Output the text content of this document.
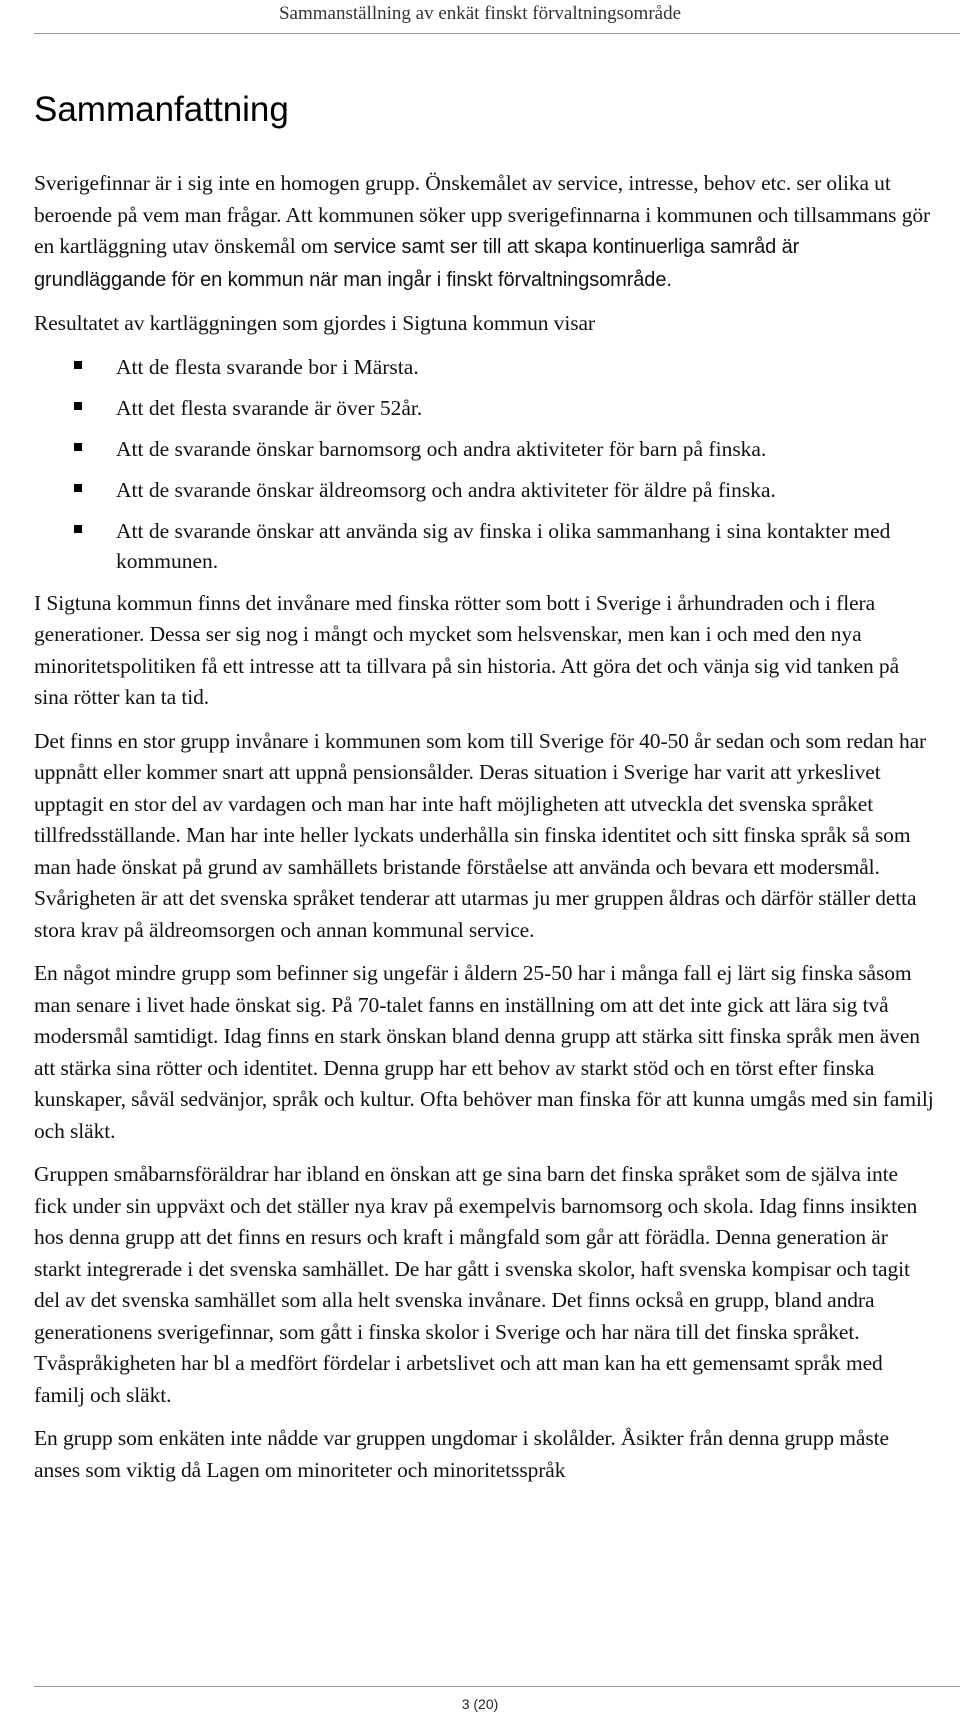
Sammanställning av enkät finskt förvaltningsområde
Sammanfattning

Sverigefinnar är i sig inte en homogen grupp. Önskemålet av service, intresse, behov etc. ser olika ut beroende på vem man frågar. Att kommunen söker upp sverigefinnarna i kommunen och tillsammans gör en kartläggning utav önskemål om service samt ser till att skapa kontinuerliga samråd är grundläggande för en kommun när man ingår i finskt förvaltningsområde.

Resultatet av kartläggningen som gjordes i Sigtuna kommun visar

Att de flesta svarande bor i Märsta.
Att det flesta svarande är över 52år.
Att de svarande önskar barnomsorg och andra aktiviteter för barn på finska.
Att de svarande önskar äldreomsorg och andra aktiviteter för äldre på finska.
Att de svarande önskar att använda sig av finska i olika sammanhang i sina kontakter med kommunen.

I Sigtuna kommun finns det invånare med finska rötter som bott i Sverige i århundraden och i flera generationer. Dessa ser sig nog i mångt och mycket som helsvenskar, men kan i och med den nya minoritetspolitiken få ett intresse att ta tillvara på sin historia. Att göra det och vänja sig vid tanken på sina rötter kan ta tid.

Det finns en stor grupp invånare i kommunen som kom till Sverige för 40-50 år sedan och som redan har uppnått eller kommer snart att uppnå pensionsålder. Deras situation i Sverige har varit att yrkeslivet upptagit en stor del av vardagen och man har inte haft möjligheten att utveckla det svenska språket tillfredsställande. Man har inte heller lyckats underhålla sin finska identitet och sitt finska språk så som man hade önskat på grund av samhällets bristande förståelse att använda och bevara ett modersmål. Svårigheten är att det svenska språket tenderar att utarmas ju mer gruppen åldras och därför ställer detta stora krav på äldreomsorgen och annan kommunal service.

En något mindre grupp som befinner sig ungefär i åldern 25-50 har i många fall ej lärt sig finska såsom man senare i livet hade önskat sig. På 70-talet fanns en inställning om att det inte gick att lära sig två modersmål samtidigt. Idag finns en stark önskan bland denna grupp att stärka sitt finska språk men även att stärka sina rötter och identitet. Denna grupp har ett behov av starkt stöd och en törst efter finska kunskaper, såväl sedvänjor, språk och kultur. Ofta behöver man finska för att kunna umgås med sin familj och släkt.

Gruppen småbarnsföräldrar har ibland en önskan att ge sina barn det finska språket som de själva inte fick under sin uppväxt och det ställer nya krav på exempelvis barnomsorg och skola. Idag finns insikten hos denna grupp att det finns en resurs och kraft i mångfald som går att förädla. Denna generation är starkt integrerade i det svenska samhället. De har gått i svenska skolor, haft svenska kompisar och tagit del av det svenska samhället som alla helt svenska invånare. Det finns också en grupp, bland andra generationens sverigefinnar, som gått i finska skolor i Sverige och har nära till det finska språket. Tvåspråkigheten har bl a medfört fördelar i arbetslivet och att man kan ha ett gemensamt språk med familj och släkt.

En grupp som enkäten inte nådde var gruppen ungdomar i skolålder. Åsikter från denna grupp måste anses som viktig då Lagen om minoriteter och minoritetsspråk

3 (20)
